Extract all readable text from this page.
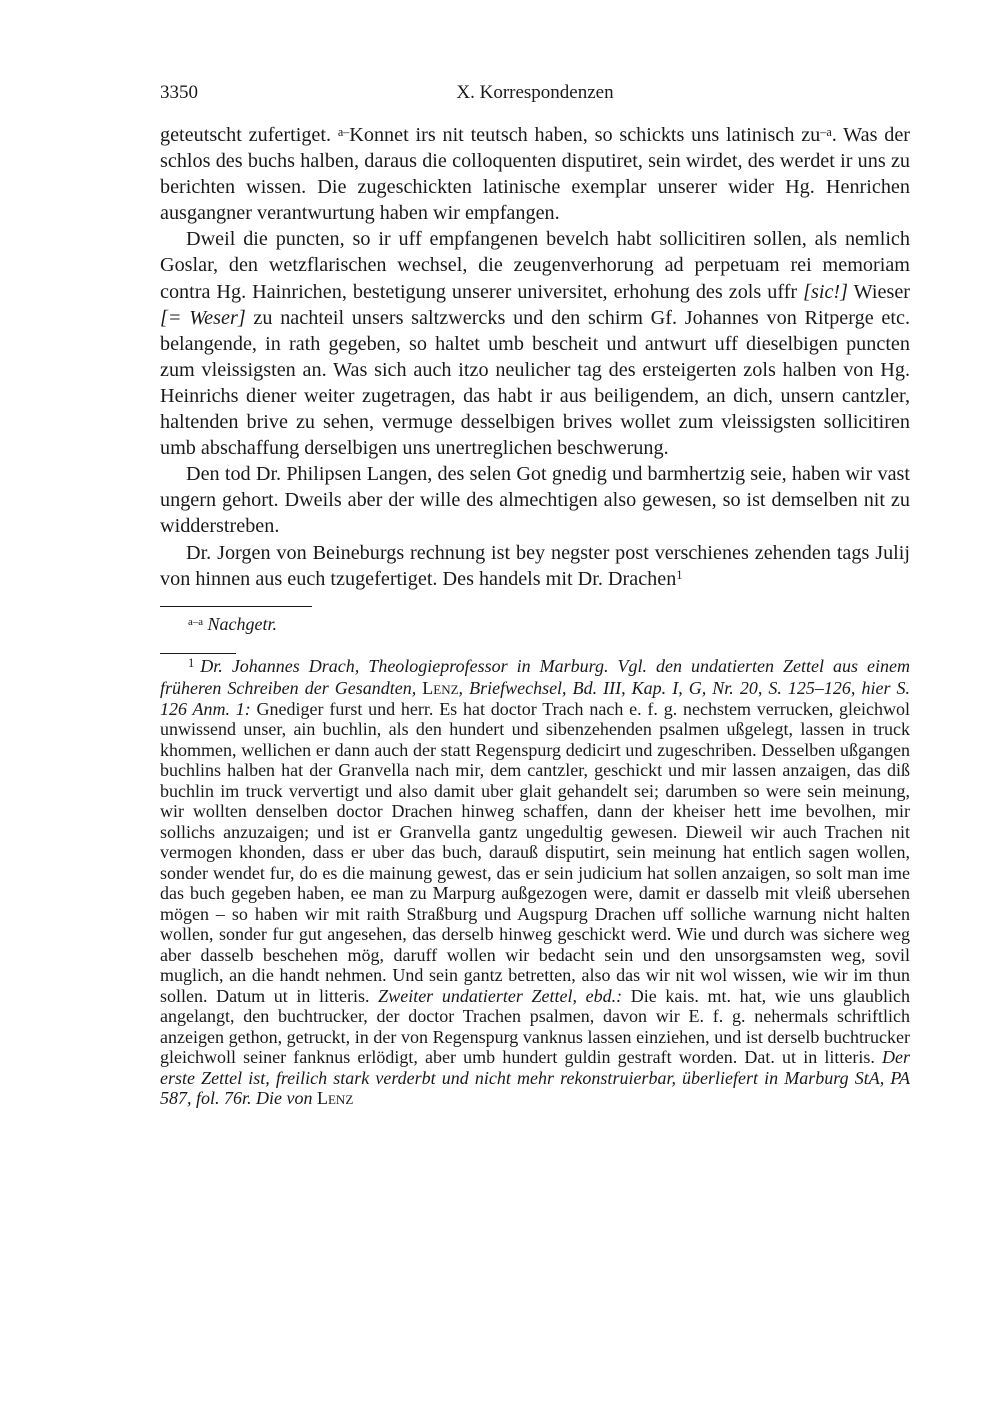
3350	X. Korrespondenzen

geteutscht zufertiget. $^{a-}$Konnet irs nit teutsch haben, so schickts uns latinisch $zu^{-a}$. Was der schlos des buchs halben, daraus die colloquenten disputiret, sein wirdet, des werdet ir uns zu berichten wissen. Die zugeschickten latinische exemplar unserer wider Hg. Henrichen ausgangner verantwurtung haben wir empfangen.

Dweil die puncten, so ir uff empfangenen bevelch habt sollicitiren sollen, als nemlich Goslar, den wetzflarischen wechsel, die zeugenverhorung ad perpetuam rei memoriam contra Hg. Hainrichen, bestetigung unserer universitet, erhohung des zols uffr [sic!] Wieser [= Weser] zu nachteil unsers saltzwercks und den schirm Gf. Johannes von Ritperge etc. belangende, in rath gegeben, so haltet umb bescheit und antwurt uff dieselbigen puncten zum vleissigsten an. Was sich auch itzo neulicher tag des ersteigerten zols halben von Hg. Heinrichs diener weiter zugetragen, das habt ir aus beiligendem, an dich, unsern cantzler, haltenden brive zu sehen, vermuge desselbigen brives wollet zum vleissigsten sollicitiren umb abschaffung derselbigen uns unertreglichen beschwerung.

Den tod Dr. Philipsen Langen, des selen Got gnedig und barmhertzig seie, haben wir vast ungern gehort. Dweils aber der wille des almechtigen also gewesen, so ist demselben nit zu widderstreben.

Dr. Jorgen von Beineburgs rechnung ist bey negster post verschienes zehenden tags Julij von hinnen aus euch tzugefertiget. Des handels mit Dr. Drachen$^1$

$^{a-a}$ Nachgetr.
$^1$ Dr. Johannes Drach, Theologieprofessor in Marburg. Vgl. den undatierten Zettel aus einem früheren Schreiben der Gesandten, Lenz, Briefwechsel, Bd. III, Kap. I, G, Nr. 20, S. 125–126, hier S. 126 Anm. 1: Gnediger furst und herr. Es hat doctor Trach nach e. f. g. nechstem verrucken, gleichwol unwissend unser, ain buchlin, als den hundert und sibenzehenden psalmen ußgelegt, lassen in truck khommen, wellichen er dann auch der statt Regenspurg dedicirt und zugeschriben. Desselben ußgangen buchlins halben hat der Granvella nach mir, dem cantzler, geschickt und mir lassen anzaigen, das diß buchlin im truck ververtigt und also damit uber glait gehandelt sei; darumben so were sein meinung, wir wollten denselben doctor Drachen hinweg schaffen, dann der kheiser hett ime bevolhen, mir sollichs anzuzaigen; und ist er Granvella gantz ungedultig gewesen. Dieweil wir auch Trachen nit vermogen khonden, dass er uber das buch, darauß disputirt, sein meinung hat entlich sagen wollen, sonder wendet fur, do es die mainung gewest, das er sein judicium hat sollen anzaigen, so solt man ime das buch gegeben haben, ee man zu Marpurg außgezogen were, damit er dasselb mit vleiß ubersehen mögen – so haben wir mit raith Straßburg und Augspurg Drachen uff solliche warnung nicht halten wollen, sonder fur gut angesehen, das derselb hinweg geschickt werd. Wie und durch was sichere weg aber dasselb beschehen mög, daruff wollen wir bedacht sein und den unsorgsamsten weg, sovil muglich, an die handt nehmen. Und sein gantz betretten, also das wir nit wol wissen, wie wir im thun sollen. Datum ut in litteris. Zweiter undatierter Zettel, ebd.: Die kais. mt. hat, wie uns glaublich angelangt, den buchtrucker, der doctor Trachen psalmen, davon wir E. f. g. nehermals schriftlich anzeigen gethon, getruckt, in der von Regenspurg vanknus lassen einziehen, und ist derselb buchtrucker gleichwoll seiner fanknus erlödigt, aber umb hundert guldin gestraft worden. Dat. ut in litteris. Der erste Zettel ist, freilich stark verderbt und nicht mehr rekonstruierbar, überliefert in Marburg StA, PA 587, fol. 76r. Die von Lenz
